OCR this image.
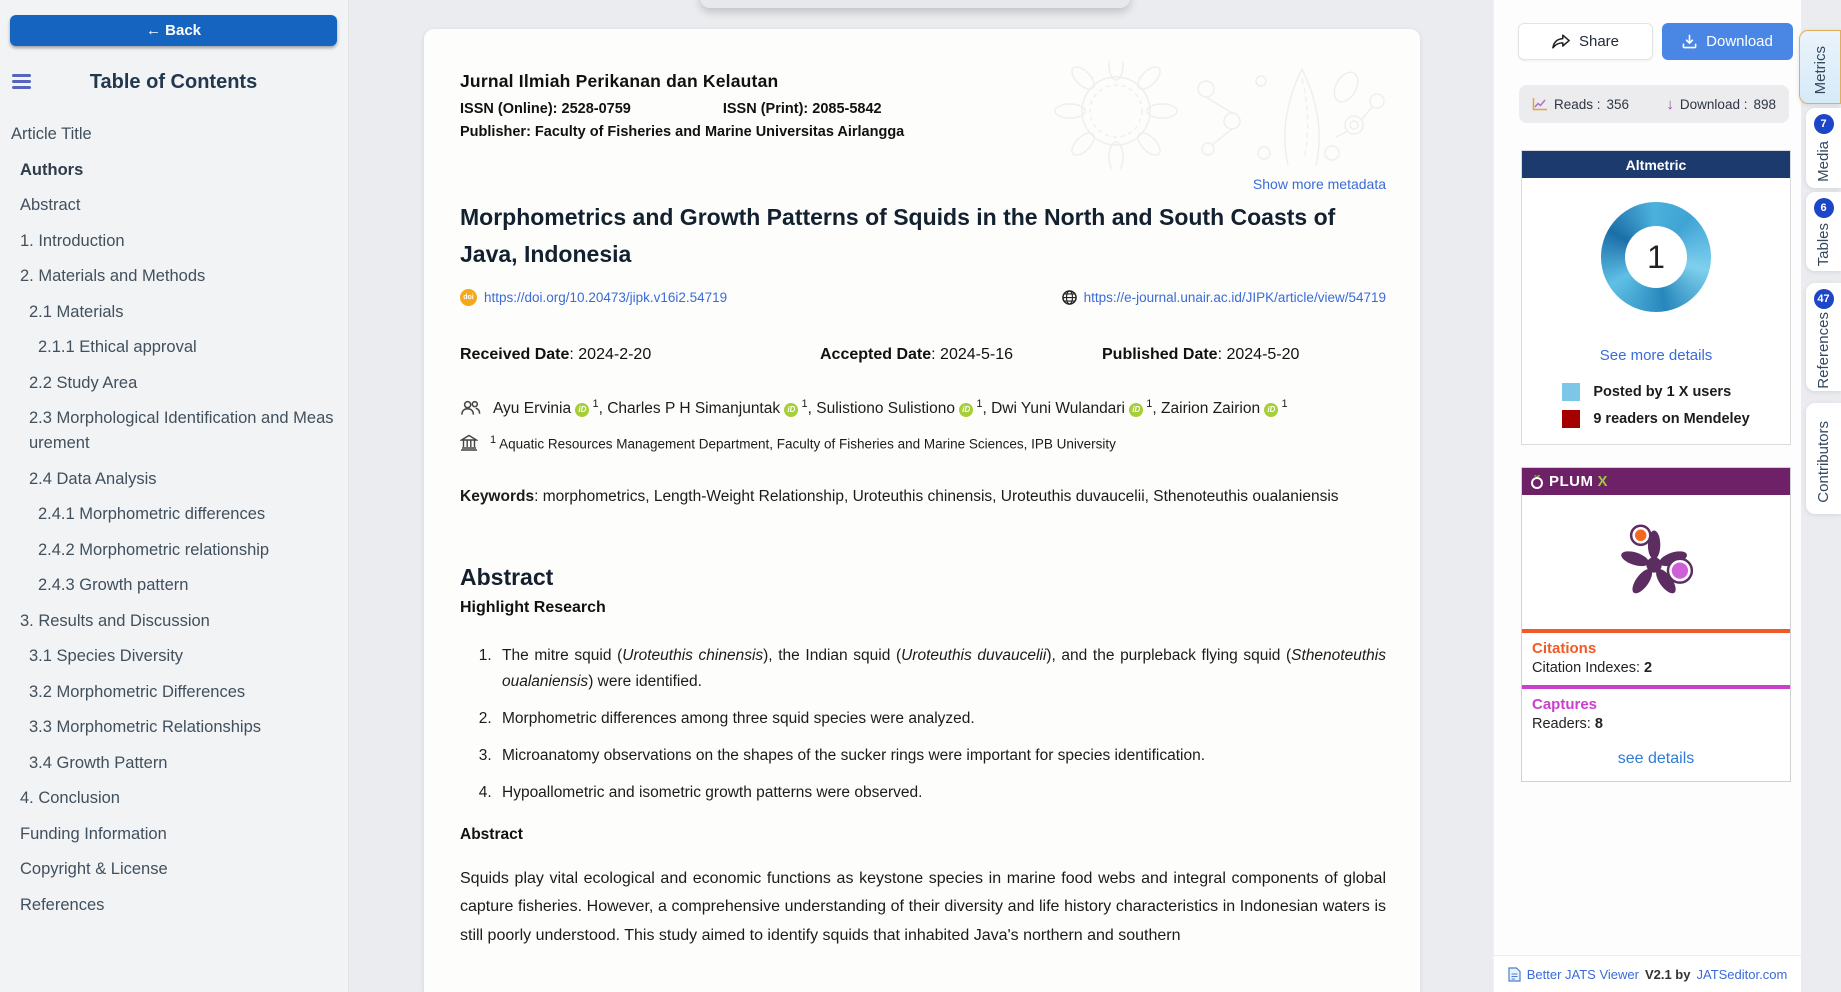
← Back
Table of Contents
Article Title
Authors
Abstract
1. Introduction
2. Materials and Methods
2.1 Materials
2.1.1 Ethical approval
2.2 Study Area
2.3 Morphological Identification and Measurement
2.4 Data Analysis
2.4.1 Morphometric differences
2.4.2 Morphometric relationship
2.4.3 Growth pattern
3. Results and Discussion
3.1 Species Diversity
3.2 Morphometric Differences
3.3 Morphometric Relationships
3.4 Growth Pattern
4. Conclusion
Funding Information
Copyright & License
References
Jurnal Ilmiah Perikanan dan Kelautan
ISSN (Online): 2528-0759	ISSN (Print): 2085-5842
Publisher: Faculty of Fisheries and Marine Universitas Airlangga
Show more metadata
Morphometrics and Growth Patterns of Squids in the North and South Coasts of Java, Indonesia
doi https://doi.org/10.20473/jipk.v16i2.54719	https://e-journal.unair.ac.id/JIPK/article/view/54719
Received Date: 2024-2-20	Accepted Date: 2024-5-16	Published Date: 2024-5-20
Ayu Ervinia iD $^1$, Charles P H Simanjuntak iD $^1$, Sulistiono Sulistiono iD $^1$, Dwi Yuni Wulandari iD $^1$, Zairion Zairion iD $^1$
$^1$ Aquatic Resources Management Department, Faculty of Fisheries and Marine Sciences, IPB University

Keywords: morphometrics, Length-Weight Relationship, Uroteuthis chinensis, Uroteuthis duvaucelii, Sthenoteuthis oualaniensis

Abstract
Highlight Research
1. The mitre squid (Uroteuthis chinensis), the Indian squid (Uroteuthis duvaucelii), and the purpleback flying squid (Sthenoteuthis oualaniensis) were identified.
2. Morphometric differences among three squid species were analyzed.
3. Microanatomy observations on the shapes of the sucker rings were important for species identification.
4. Hypoallometric and isometric growth patterns were observed.
Abstract

Squids play vital ecological and economic functions as keystone species in marine food webs and integral components of global capture fisheries. However, a comprehensive understanding of their diversity and life history characteristics in Indonesian waters is still poorly understood. This study aimed to identify squids that inhabited Java's northern and southern

Share	Download
Reads : 356 ↓ Download : 898
Altmetric
1
See more details
Posted by 1 X users
9 readers on Mendeley
PLUM X
Citations
Citation Indexes: 2
Captures
Readers: 8
see details
Better JATS Viewer V2.1 by JATSeditor.com
Metrics
7
Media
6
Tables
47
References
Contributors
